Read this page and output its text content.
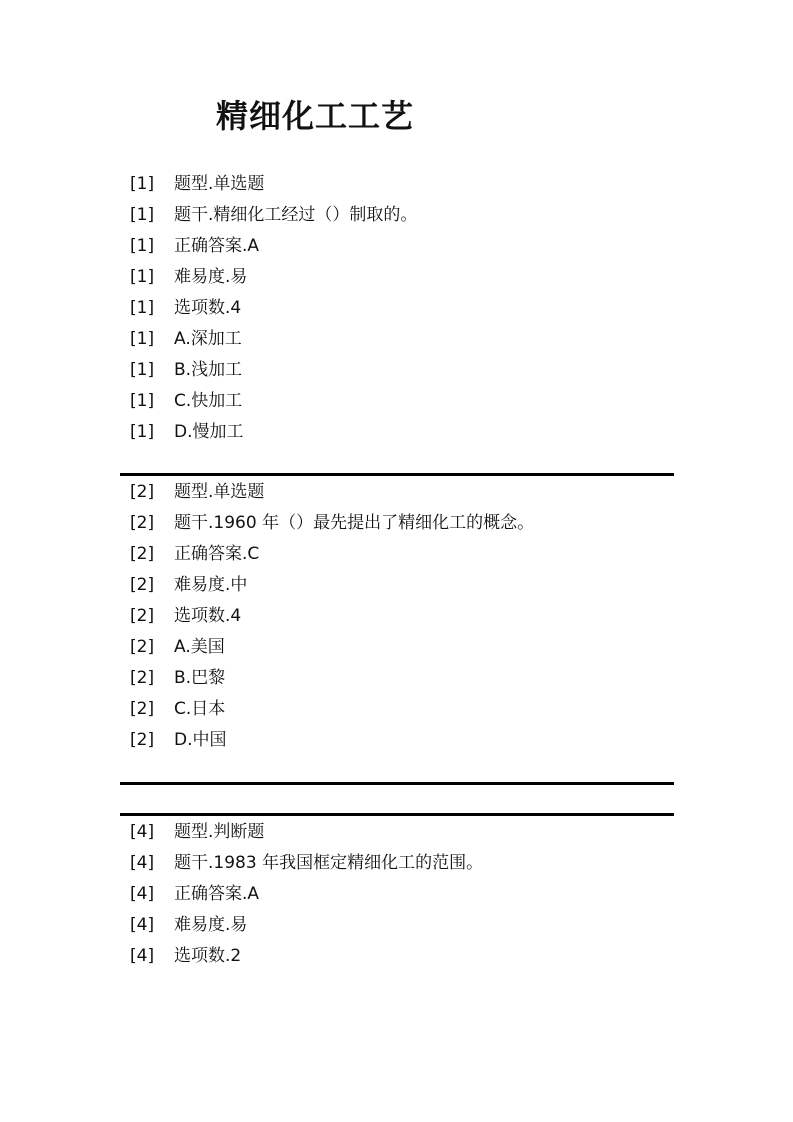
精细化工工艺
[1]	题型.单选题
[1]	题干.精细化工经过（）制取的。
[1]	正确答案.A
[1]	难易度.易
[1]	选项数.4
[1]	A.深加工
[1]	B.浅加工
[1]	C.快加工
[1]	D.慢加工
[2]	题型.单选题
[2]	题干.1960 年（）最先提出了精细化工的概念。
[2]	正确答案.C
[2]	难易度.中
[2]	选项数.4
[2]	A.美国
[2]	B.巴黎
[2]	C.日本
[2]	D.中国
[4]	题型.判断题
[4]	题干.1983 年我国框定精细化工的范围。
[4]	正确答案.A
[4]	难易度.易
[4]	选项数.2
